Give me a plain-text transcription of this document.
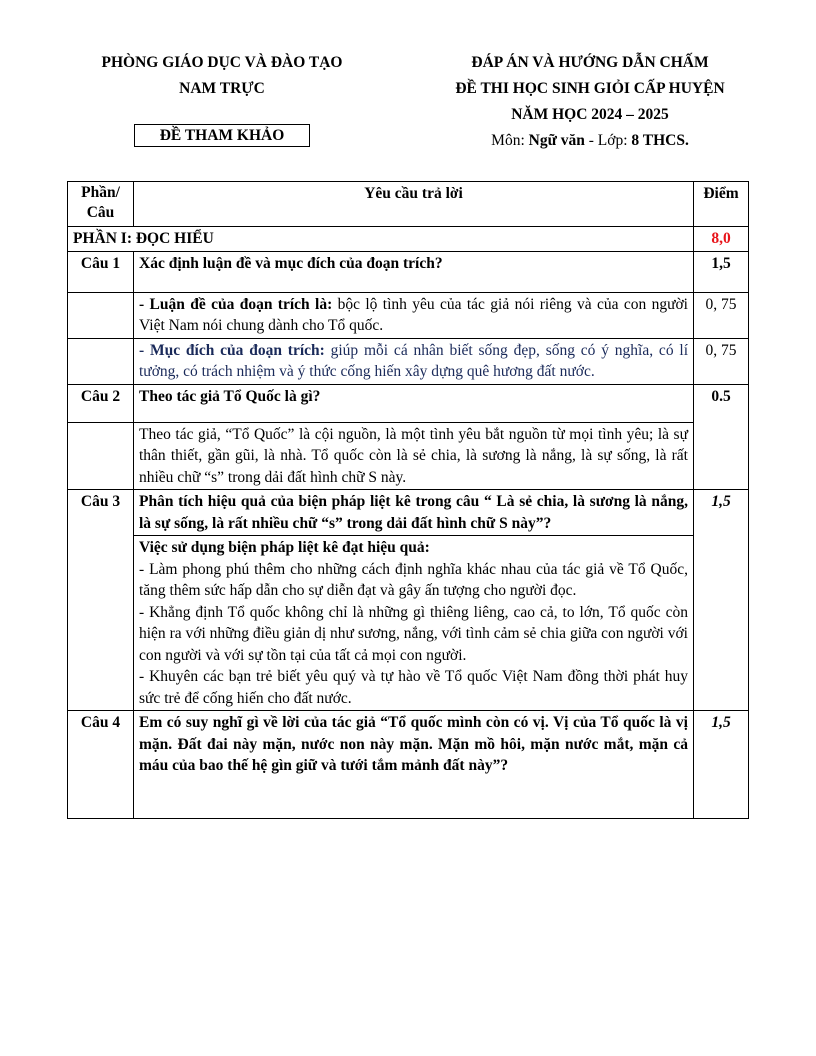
PHÒNG GIÁO DỤC VÀ ĐÀO TẠO
NAM TRỰC
ĐỀ THAM KHẢO
ĐÁP ÁN VÀ HƯỚNG DẪN CHẤM
ĐỀ THI HỌC SINH GIỎI CẤP HUYỆN
NĂM HỌC 2024 – 2025
Môn: Ngữ văn - Lớp: 8 THCS.
Phần/ Câu	Yêu cầu trả lời	Điểm
PHẦN I: ĐỌC HIỂU		8,0
Câu 1	Xác định luận đề và mục đích của đoạn trích?	1,5
	- Luận đề của đoạn trích là: bộc lộ tình yêu của tác giả nói riêng và của con người Việt Nam nói chung dành cho Tổ quốc.	0, 75
	- Mục đích của đoạn trích: giúp mỗi cá nhân biết sống đẹp, sống có ý nghĩa, có lí tưởng, có trách nhiệm và ý thức cống hiến xây dựng quê hương đất nước.	0, 75
Câu 2	Theo tác giả Tổ Quốc là gì?	0.5
	Theo tác giả, “Tổ Quốc” là cội nguồn, là một tình yêu bắt nguồn từ mọi tình yêu; là sự thân thiết, gần gũi, là nhà. Tổ quốc còn là sẻ chia, là sương là nắng, là sự sống, là rất nhiều chữ “s” trong dải đất hình chữ S này.	
Câu 3	Phân tích hiệu quả của biện pháp liệt kê trong câu “ Là sẻ chia, là sương là nắng, là sự sống, là rất nhiều chữ “s” trong dải đất hình chữ S này”?	1,5

	Việc sử dụng biện pháp liệt kê đạt hiệu quả:
- Làm phong phú thêm cho những cách định nghĩa khác nhau của tác giả về Tổ Quốc, tăng thêm sức hấp dẫn cho sự diễn đạt và gây ấn tượng cho người đọc.
- Khẳng định Tổ quốc không chỉ là những gì thiêng liêng, cao cả, to lớn, Tổ quốc còn hiện ra với những điều giản dị như sương, nắng, với tình cảm sẻ chia giữa con người với con người và với sự tồn tại của tất cả mọi con người.
- Khuyên các bạn trẻ biết yêu quý và tự hào về Tổ quốc Việt Nam đồng thời phát huy sức trẻ để cống hiến cho đất nước.	

Câu 4	Em có suy nghĩ gì về lời của tác giả “Tổ quốc mình còn có vị. Vị của Tổ quốc là vị mặn. Đất đai này mặn, nước non này mặn. Mặn mồ hôi, mặn nước mắt, mặn cả máu của bao thế hệ gìn giữ và tưới tắm mảnh đất này”?	1,5
